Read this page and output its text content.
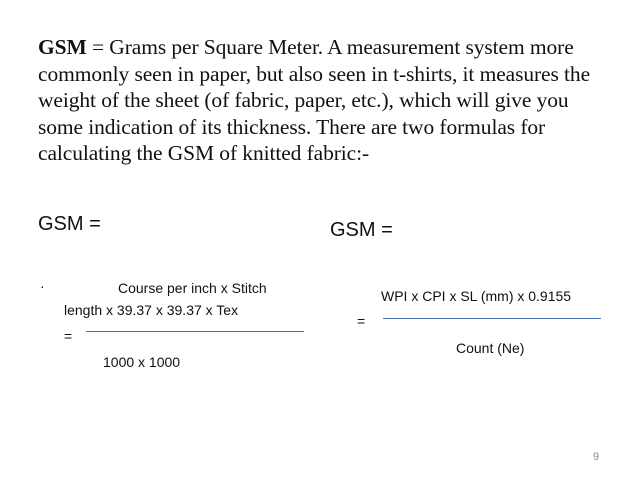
GSM = Grams per Square Meter. A measurement system more commonly seen in paper, but also seen in t-shirts, it measures the weight of the sheet (of fabric, paper, etc.), which will give you some indication of its thickness. There are two formulas for calculating the GSM of knitted fabric:-
GSM =	GSM =
·	Course per inch x Stitch
length x 39.37 x 39.37 x Tex
=
1000 x 1000
WPI x CPI x SL (mm) x 0.9155
=
Count (Ne)
9
